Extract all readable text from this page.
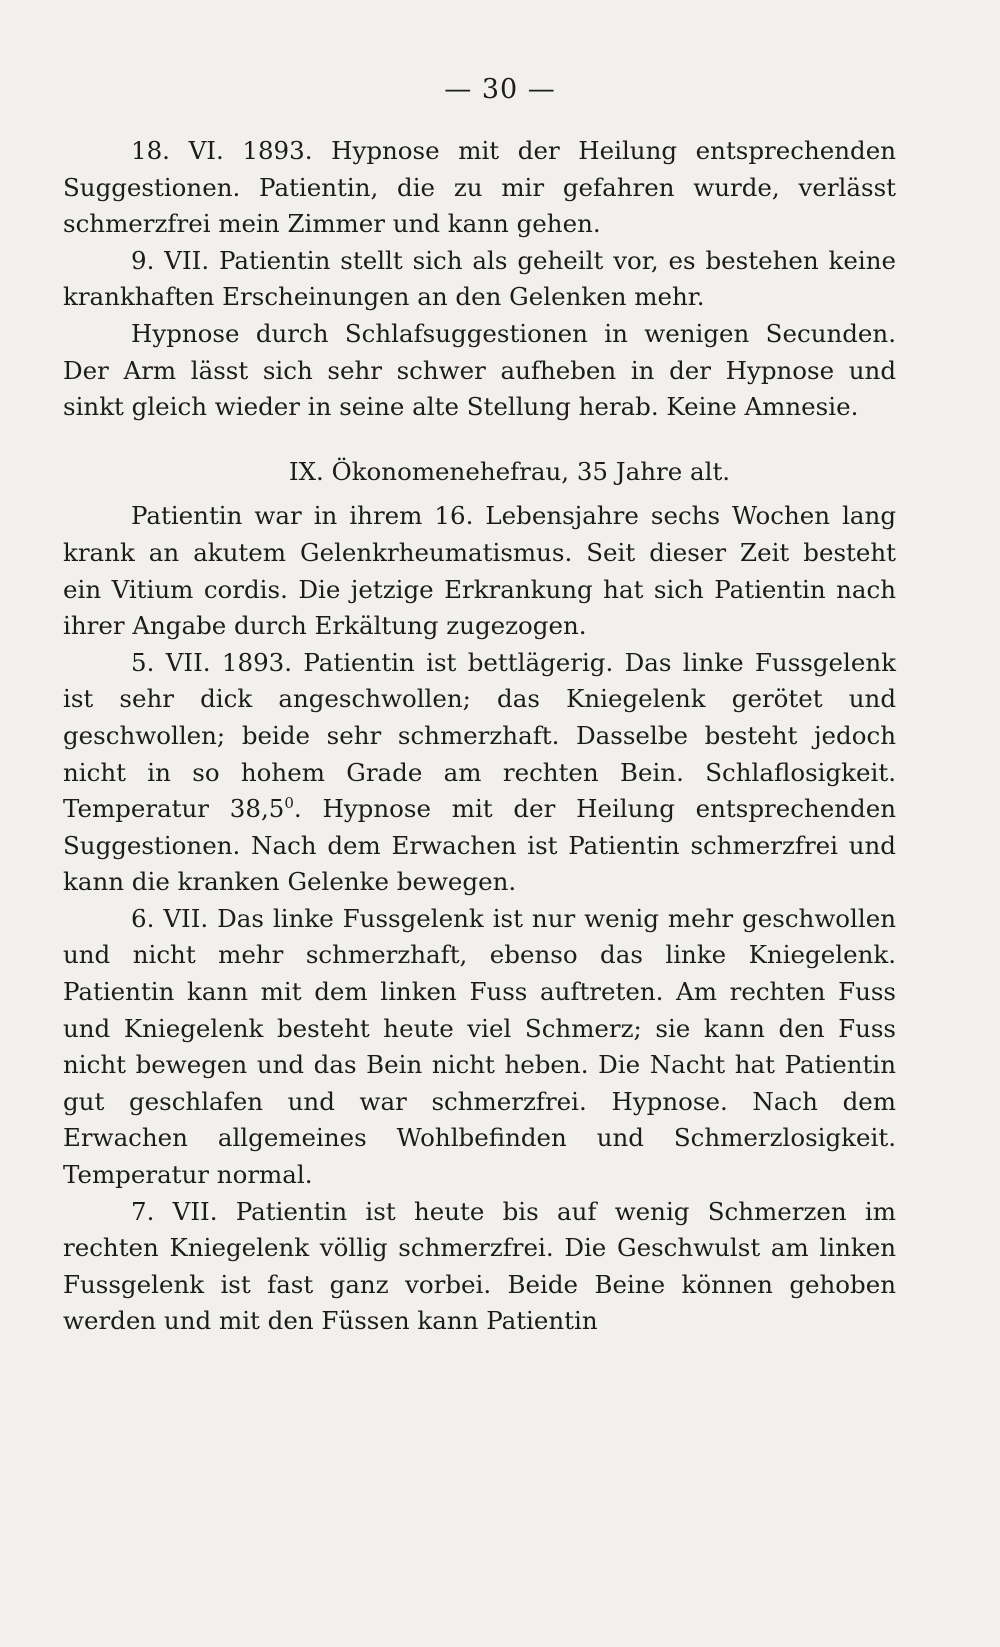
— 30 —

18. VI. 1893. Hypnose mit der Heilung entsprechenden Suggestionen. Patientin, die zu mir gefahren wurde, verlässt schmerzfrei mein Zimmer und kann gehen.

9. VII. Patientin stellt sich als geheilt vor, es bestehen keine krankhaften Erscheinungen an den Gelenken mehr.

Hypnose durch Schlafsuggestionen in wenigen Secunden. Der Arm lässt sich sehr schwer aufheben in der Hypnose und sinkt gleich wieder in seine alte Stellung herab. Keine Amnesie.

IX. Ökonomenehefrau, 35 Jahre alt.

Patientin war in ihrem 16. Lebensjahre sechs Wochen lang krank an akutem Gelenkrheumatismus. Seit dieser Zeit besteht ein Vitium cordis. Die jetzige Erkrankung hat sich Patientin nach ihrer Angabe durch Erkältung zugezogen.

5. VII. 1893. Patientin ist bettlägerig. Das linke Fussgelenk ist sehr dick angeschwollen; das Kniegelenk gerötet und geschwollen; beide sehr schmerzhaft. Dasselbe besteht jedoch nicht in so hohem Grade am rechten Bein. Schlaflosigkeit. Temperatur 38,5$^0$. Hypnose mit der Heilung entsprechenden Suggestionen. Nach dem Erwachen ist Patientin schmerzfrei und kann die kranken Gelenke bewegen.

6. VII. Das linke Fussgelenk ist nur wenig mehr geschwollen und nicht mehr schmerzhaft, ebenso das linke Kniegelenk. Patientin kann mit dem linken Fuss auftreten. Am rechten Fuss und Kniegelenk besteht heute viel Schmerz; sie kann den Fuss nicht bewegen und das Bein nicht heben. Die Nacht hat Patientin gut geschlafen und war schmerzfrei. Hypnose. Nach dem Erwachen allgemeines Wohlbefinden und Schmerzlosigkeit. Temperatur normal.

7. VII. Patientin ist heute bis auf wenig Schmerzen im rechten Kniegelenk völlig schmerzfrei. Die Geschwulst am linken Fussgelenk ist fast ganz vorbei. Beide Beine können gehoben werden und mit den Füssen kann Patientin
